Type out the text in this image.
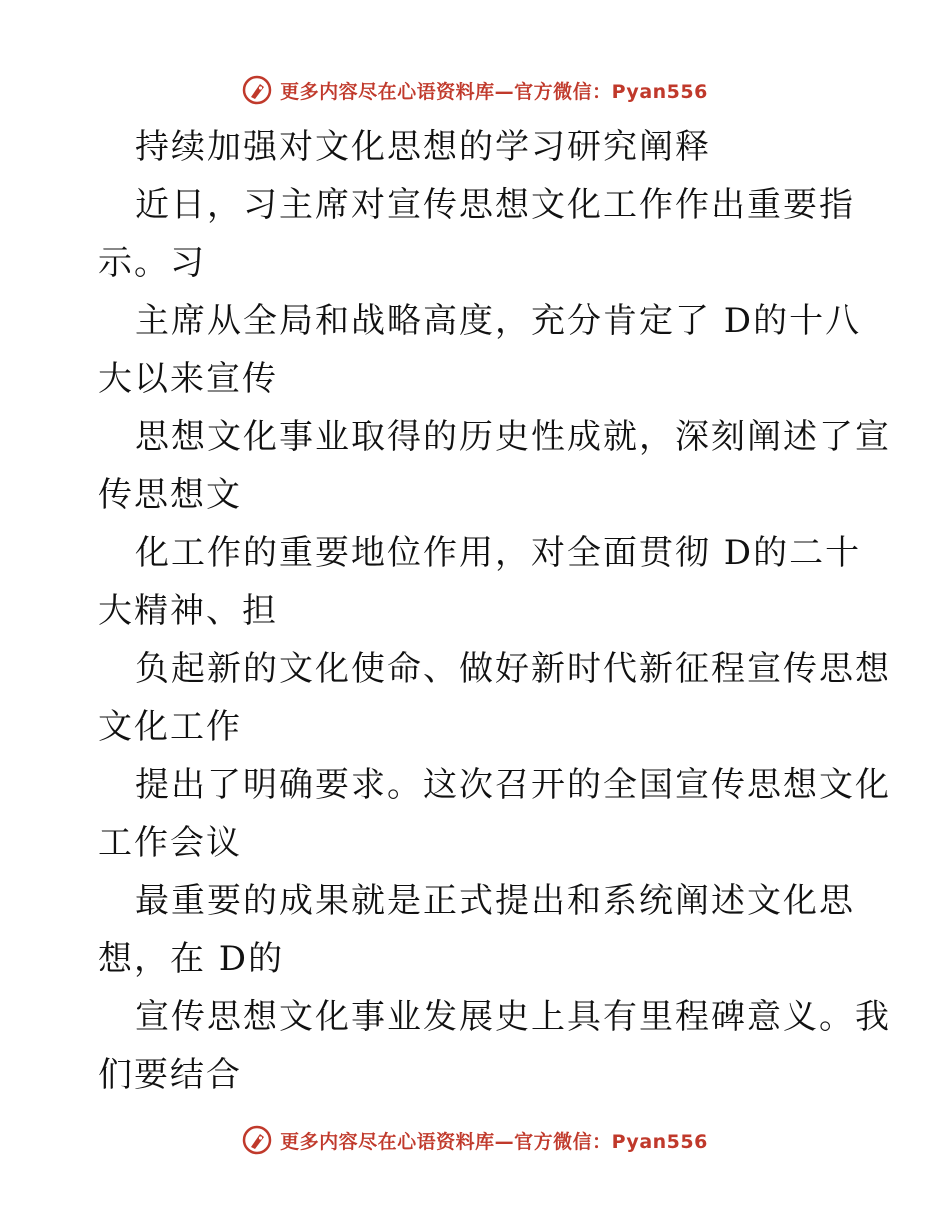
更多内容尽在心语资料库—官方微信：Pyan556
持续加强对文化思想的学习研究阐释
近日，习主席对宣传思想文化工作作出重要指
示。习
主席从全局和战略高度，充分肯定了 D的十八
大以来宣传
思想文化事业取得的历史性成就，深刻阐述了宣
传思想文
化工作的重要地位作用，对全面贯彻 D的二十
大精神、担
负起新的文化使命、做好新时代新征程宣传思想
文化工作
提出了明确要求。这次召开的全国宣传思想文化
工作会议
最重要的成果就是正式提出和系统阐述文化思
想，在 D的
宣传思想文化事业发展史上具有里程碑意义。我
们要结合
更多内容尽在心语资料库—官方微信：Pyan556
